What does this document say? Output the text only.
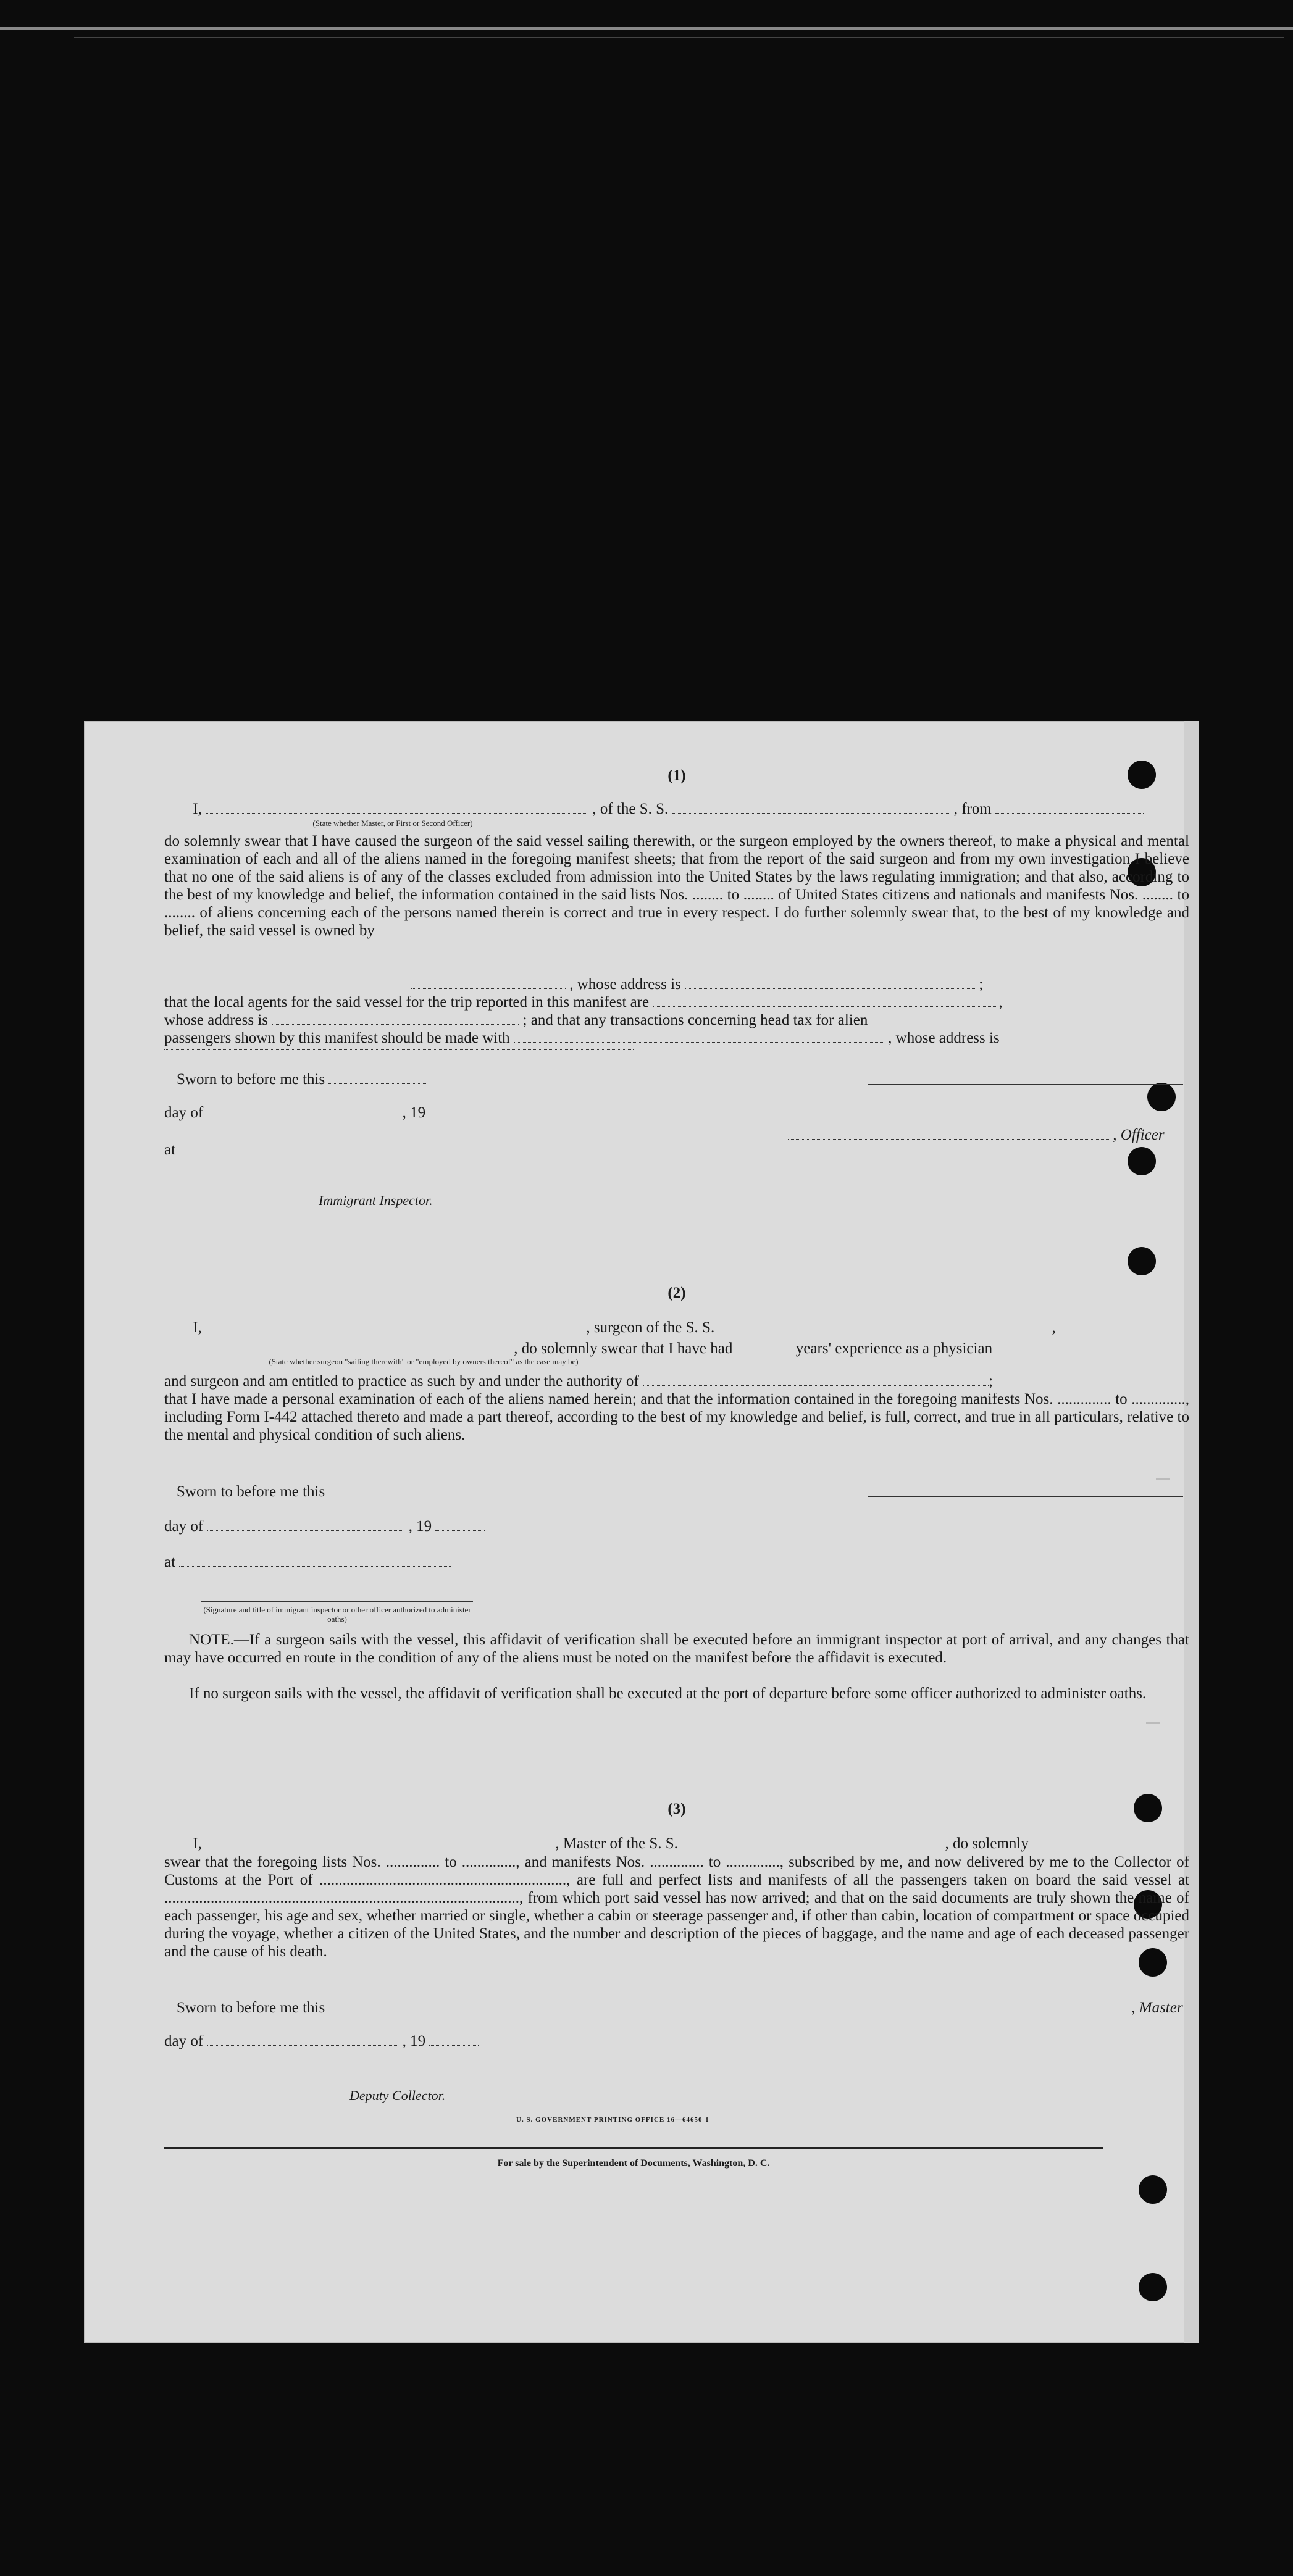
(1)
I,	, of the S. S.	, from
(State whether Master, or First or Second Officer)
do solemnly swear that I have caused the surgeon of the said vessel sailing therewith, or the surgeon employed by the owners thereof, to make a physical and mental examination of each and all of the aliens named in the foregoing manifest sheets; that from the report of the said surgeon and from my own investigation I believe that no one of the said aliens is of any of the classes excluded from admission into the United States by the laws regulating immigration; and that also, according to the best of my knowledge and belief, the information contained in the said lists Nos. ........ to ........ of United States citizens and nationals and manifests Nos. ........ to ........ of aliens concerning each of the persons named therein is correct and true in every respect. I do further solemnly swear that, to the best of my knowledge and belief, the said vessel is owned by
, whose address is	;
that the local agents for the said vessel for the trip reported in this manifest are	,
whose address is	; and that any transactions concerning head tax for alien
passengers shown by this manifest should be made with	, whose address is
Sworn to before me this
day of	, 19
, Officer
at
Immigrant Inspector.
(2)
I,	, surgeon of the S. S.	,
, do solemnly swear that I have had	years' experience as a physician
(State whether surgeon "sailing therewith" or "employed by owners thereof" as the case may be)
and surgeon and am entitled to practice as such by and under the authority of	;
that I have made a personal examination of each of the aliens named herein; and that the information contained in the foregoing manifests Nos. .............. to .............., including Form I-442 attached thereto and made a part thereof, according to the best of my knowledge and belief, is full, correct, and true in all particulars, relative to the mental and physical condition of such aliens.
Sworn to before me this
day of	, 19
at
(Signature and title of immigrant inspector or other officer authorized to administer oaths)
NOTE.—If a surgeon sails with the vessel, this affidavit of verification shall be executed before an immigrant inspector at port of arrival, and any changes that may have occurred en route in the condition of any of the aliens must be noted on the manifest before the affidavit is executed.
If no surgeon sails with the vessel, the affidavit of verification shall be executed at the port of departure before some officer authorized to administer oaths.
(3)
I,	, Master of the S. S.	, do solemnly
swear that the foregoing lists Nos. .............. to .............., and manifests Nos. .............. to .............., subscribed by me, and now delivered by me to the Collector of Customs at the Port of ................................................................, are full and perfect lists and manifests of all the passengers taken on board the said vessel at ............................................................................................, from which port said vessel has now arrived; and that on the said documents are truly shown the name of each passenger, his age and sex, whether married or single, whether a cabin or steerage passenger and, if other than cabin, location of compartment or space occupied during the voyage, whether a citizen of the United States, and the number and description of the pieces of baggage, and the name and age of each deceased passenger and the cause of his death.
Sworn to before me this	, Master
day of	, 19
Deputy Collector.
U. S. GOVERNMENT PRINTING OFFICE 16—64650-1
For sale by the Superintendent of Documents, Washington, D. C.
